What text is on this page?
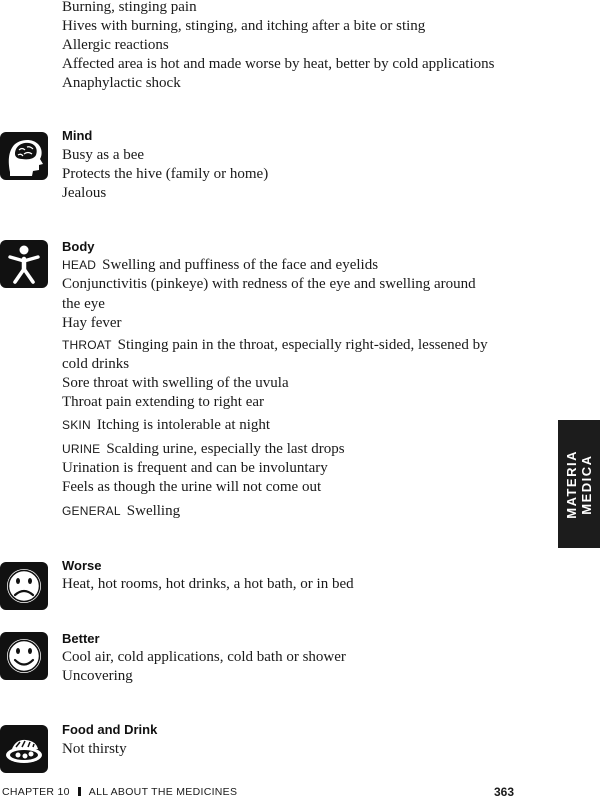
Burning, stinging pain
Hives with burning, stinging, and itching after a bite or sting
Allergic reactions
Affected area is hot and made worse by heat, better by cold applications
Anaphylactic shock
Mind
Busy as a bee
Protects the hive (family or home)
Jealous
Body
HEAD Swelling and puffiness of the face and eyelids
Conjunctivitis (pinkeye) with redness of the eye and swelling around
the eye
Hay fever
THROAT Stinging pain in the throat, especially right-sided, lessened by
cold drinks
Sore throat with swelling of the uvula
Throat pain extending to right ear
SKIN Itching is intolerable at night
URINE Scalding urine, especially the last drops
Urination is frequent and can be involuntary
Feels as though the urine will not come out
GENERAL Swelling
Worse
Heat, hot rooms, hot drinks, a hot bath, or in bed
Better
Cool air, cold applications, cold bath or shower
Uncovering
Food and Drink
Not thirsty
MATERIA
MEDICA
CHAPTER 10 ALL ABOUT THE MEDICINES	363
